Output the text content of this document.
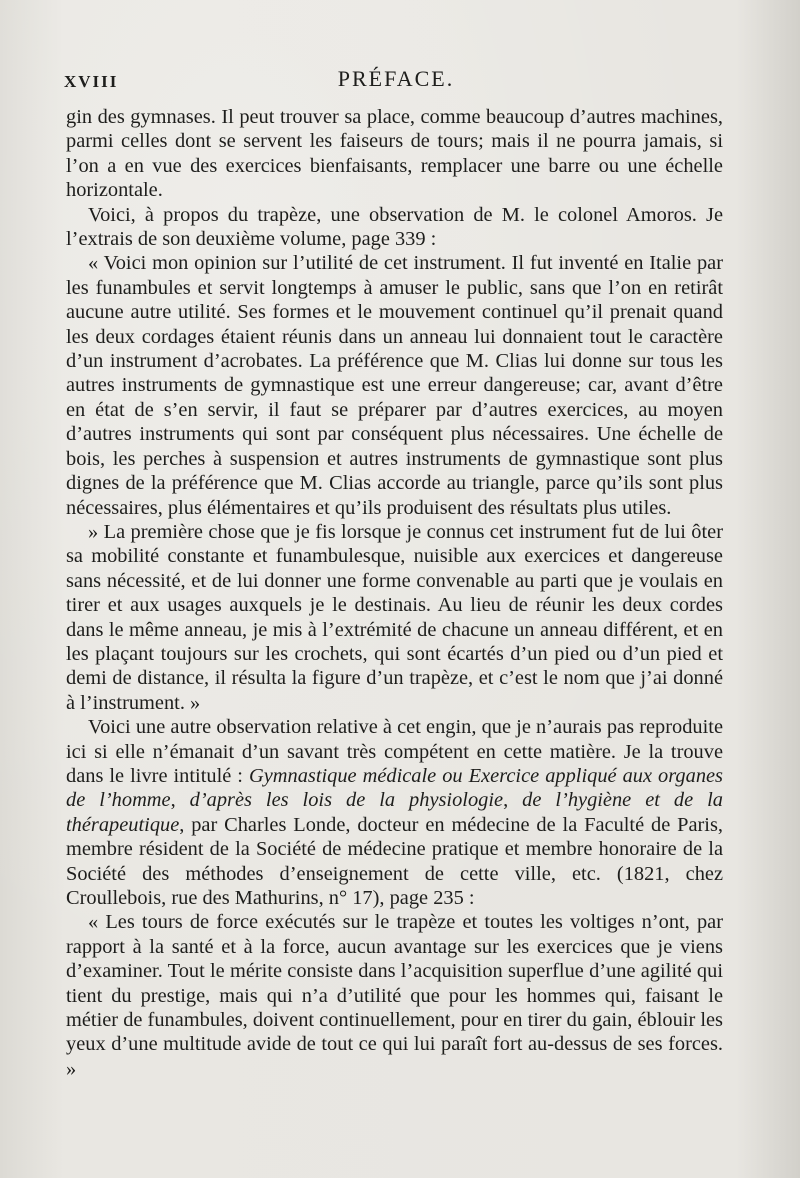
XVIII	PRÉFACE.

gin des gymnases. Il peut trouver sa place, comme beaucoup d’autres machines, parmi celles dont se servent les faiseurs de tours; mais il ne pourra jamais, si l’on a en vue des exercices bienfaisants, remplacer une barre ou une échelle horizontale.

Voici, à propos du trapèze, une observation de M. le colonel Amoros. Je l’extrais de son deuxième volume, page 339 :

« Voici mon opinion sur l’utilité de cet instrument. Il fut inventé en Italie par les funambules et servit longtemps à amuser le public, sans que l’on en retirât aucune autre utilité. Ses formes et le mouvement continuel qu’il prenait quand les deux cordages étaient réunis dans un anneau lui donnaient tout le caractère d’un instrument d’acrobates. La préférence que M. Clias lui donne sur tous les autres instruments de gymnastique est une erreur dangereuse; car, avant d’être en état de s’en servir, il faut se préparer par d’autres exercices, au moyen d’autres instruments qui sont par conséquent plus nécessaires. Une échelle de bois, les perches à suspension et autres instruments de gymnastique sont plus dignes de la préférence que M. Clias accorde au triangle, parce qu’ils sont plus nécessaires, plus élémentaires et qu’ils produisent des résultats plus utiles.

» La première chose que je fis lorsque je connus cet instrument fut de lui ôter sa mobilité constante et funambulesque, nuisible aux exercices et dangereuse sans nécessité, et de lui donner une forme convenable au parti que je voulais en tirer et aux usages auxquels je le destinais. Au lieu de réunir les deux cordes dans le même anneau, je mis à l’extrémité de chacune un anneau différent, et en les plaçant toujours sur les crochets, qui sont écartés d’un pied ou d’un pied et demi de distance, il résulta la figure d’un trapèze, et c’est le nom que j’ai donné à l’instrument. »

Voici une autre observation relative à cet engin, que je n’aurais pas reproduite ici si elle n’émanait d’un savant très compétent en cette matière. Je la trouve dans le livre intitulé : Gymnastique médicale ou Exercice appliqué aux organes de l’homme, d’après les lois de la physiologie, de l’hygiène et de la thérapeutique, par Charles Londe, docteur en médecine de la Faculté de Paris, membre résident de la Société de médecine pratique et membre honoraire de la Société des méthodes d’enseignement de cette ville, etc. (1821, chez Croullebois, rue des Mathurins, n° 17), page 235 :

« Les tours de force exécutés sur le trapèze et toutes les voltiges n’ont, par rapport à la santé et à la force, aucun avantage sur les exercices que je viens d’examiner. Tout le mérite consiste dans l’acquisition superflue d’une agilité qui tient du prestige, mais qui n’a d’utilité que pour les hommes qui, faisant le métier de funambules, doivent continuellement, pour en tirer du gain, éblouir les yeux d’une multitude avide de tout ce qui lui paraît fort au-dessus de ses forces. »
